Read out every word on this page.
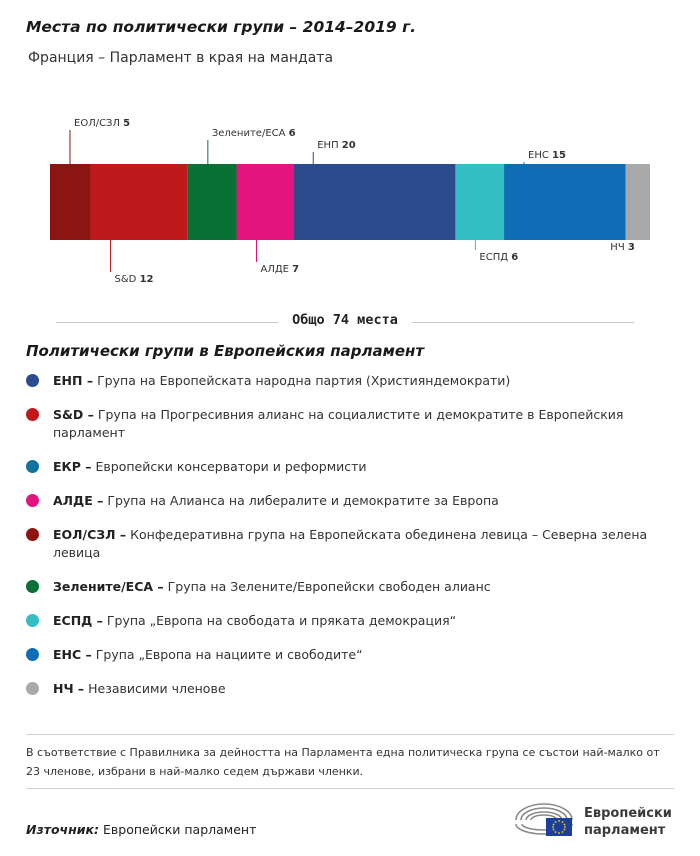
Места по политически групи – 2014–2019 г.

Франция – Парламент в края на мандата

ЕОЛ/СЗЛ 5
S&D 12
Зелените/ЕСА 6
АЛДЕ 7
ЕНП 20
ЕСПД 6
ЕНС 15
НЧ 3
Общо 74 места
Политически групи в Европейския парламент
ЕНП – Група на Европейската народна партия (Християндемократи)
S&D – Група на Прогресивния алианс на социалистите и демократите в Европейския парламент
ЕКР – Европейски консерватори и реформисти
АЛДЕ – Група на Алианса на либералите и демократите за Европа
ЕОЛ/СЗЛ – Конфедеративна група на Европейската обединена левица – Северна зелена левица
Зелените/ЕСА – Група на Зелените/Европейски свободен алианс
ЕСПД – Група „Европа на свободата и пряката демокрация“
ЕНС – Група „Европа на нациите и свободите“
НЧ – Независими членове

В съответствие с Правилника за дейността на Парламента една политическа група се състои най-малко от 23 членове, избрани в най-малко седем държави членки.

Източник: Европейски парламент

Европейски
парламент
